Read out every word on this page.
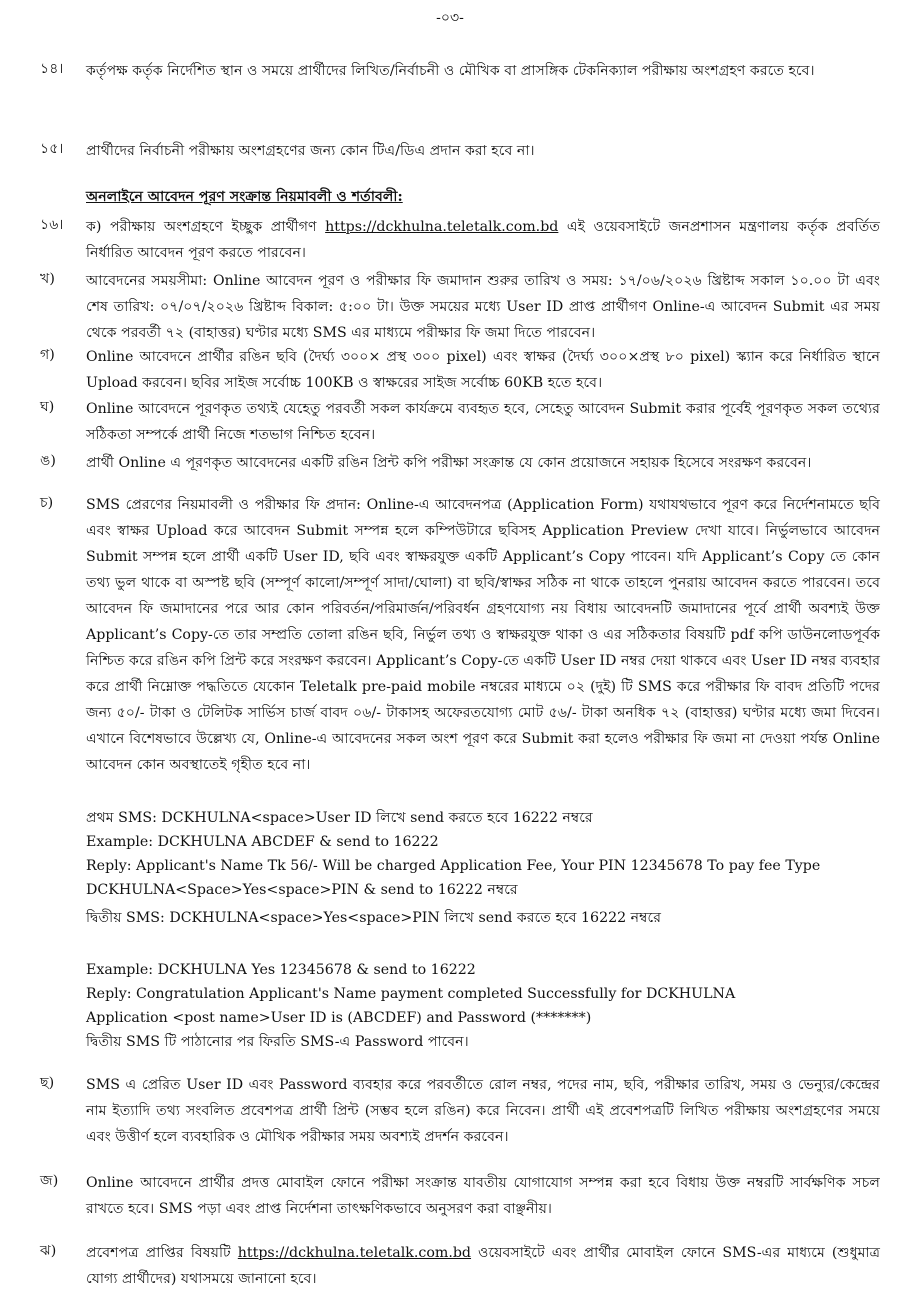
-০৩-
১৪।	কর্তৃপক্ষ কর্তৃক নির্দেশিত স্থান ও সময়ে প্রার্থীদের লিখিত/নির্বাচনী ও মৌখিক বা প্রাসঙ্গিক টেকনিক্যাল পরীক্ষায় অংশগ্রহণ করতে হবে।
১৫।	প্রার্থীদের নির্বাচনী পরীক্ষায় অংশগ্রহণের জন্য কোন টিএ/ডিএ প্রদান করা হবে না।
অনলাইনে আবেদন পূরণ সংক্রান্ত নিয়মাবলী ও শর্তাবলী:
১৬।	ক) পরীক্ষায় অংশগ্রহণে ইচ্ছুক প্রার্থীগণ https://dckhulna.teletalk.com.bd এই ওয়েবসাইটে জনপ্রশাসন মন্ত্রণালয় কর্তৃক প্রবর্তিত নির্ধারিত আবেদন পূরণ করতে পারবেন।
খ)	আবেদনের সময়সীমা: Online আবেদন পূরণ ও পরীক্ষার ফি জমাদান শুরুর তারিখ ও সময়: ১৭/০৬/২০২৬ খ্রিষ্টাব্দ সকাল ১০.০০ টা এবং শেষ তারিখ: ০৭/০৭/২০২৬ খ্রিষ্টাব্দ বিকাল: ৫:০০ টা। উক্ত সময়ের মধ্যে User ID প্রাপ্ত প্রার্থীগণ Online-এ আবেদন Submit এর সময় থেকে পরবর্তী ৭২ (বাহাত্তর) ঘণ্টার মধ্যে SMS এর মাধ্যমে পরীক্ষার ফি জমা দিতে পারবেন।
গ)	Online আবেদনে প্রার্থীর রঙিন ছবি (দৈর্ঘ্য ৩০০× প্রস্থ ৩০০ pixel) এবং স্বাক্ষর (দৈর্ঘ্য ৩০০×প্রস্থ ৮০ pixel) স্ক্যান করে নির্ধারিত স্থানে Upload করবেন। ছবির সাইজ সর্বোচ্চ 100KB ও স্বাক্ষরের সাইজ সর্বোচ্চ 60KB হতে হবে।
ঘ)	Online আবেদনে পূরণকৃত তথ্যই যেহেতু পরবর্তী সকল কার্যক্রমে ব্যবহৃত হবে, সেহেতু আবেদন Submit করার পূর্বেই পূরণকৃত সকল তথ্যের সঠিকতা সম্পর্কে প্রার্থী নিজে শতভাগ নিশ্চিত হবেন।
ঙ)	প্রার্থী Online এ পূরণকৃত আবেদনের একটি রঙিন প্রিন্ট কপি পরীক্ষা সংক্রান্ত যে কোন প্রয়োজনে সহায়ক হিসেবে সংরক্ষণ করবেন।
চ)	SMS প্রেরণের নিয়মাবলী ও পরীক্ষার ফি প্রদান: Online-এ আবেদনপত্র (Application Form) যথাযথভাবে পূরণ করে নির্দেশনামতে ছবি এবং স্বাক্ষর Upload করে আবেদন Submit সম্পন্ন হলে কম্পিউটারে ছবিসহ Application Preview দেখা যাবে। নির্ভুলভাবে আবেদন Submit সম্পন্ন হলে প্রার্থী একটি User ID, ছবি এবং স্বাক্ষরযুক্ত একটি Applicant’s Copy পাবেন। যদি Applicant’s Copy তে কোন তথ্য ভুল থাকে বা অস্পষ্ট ছবি (সম্পূর্ণ কালো/সম্পূর্ণ সাদা/ঘোলা) বা ছবি/স্বাক্ষর সঠিক না থাকে তাহলে পুনরায় আবেদন করতে পারবেন। তবে আবেদন ফি জমাদানের পরে আর কোন পরিবর্তন/পরিমার্জন/পরিবর্ধন গ্রহণযোগ্য নয় বিধায় আবেদনটি জমাদানের পূর্বে প্রার্থী অবশ্যই উক্ত Applicant’s Copy-তে তার সম্প্রতি তোলা রঙিন ছবি, নির্ভুল তথ্য ও স্বাক্ষরযুক্ত থাকা ও এর সঠিকতার বিষয়টি pdf কপি ডাউনলোডপূর্বক নিশ্চিত করে রঙিন কপি প্রিন্ট করে সংরক্ষণ করবেন। Applicant’s Copy-তে একটি User ID নম্বর দেয়া থাকবে এবং User ID নম্বর ব্যবহার করে প্রার্থী নিম্নোক্ত পদ্ধতিতে যেকোন Teletalk pre-paid mobile নম্বরের মাধ্যমে ০২ (দুই) টি SMS করে পরীক্ষার ফি বাবদ প্রতিটি পদের জন্য ৫০/- টাকা ও টেলিটক সার্ভিস চার্জ বাবদ ০৬/- টাকাসহ অফেরতযোগ্য মোট ৫৬/- টাকা অনধিক ৭২ (বাহাত্তর) ঘণ্টার মধ্যে জমা দিবেন। এখানে বিশেষভাবে উল্লেখ্য যে, Online-এ আবেদনের সকল অংশ পূরণ করে Submit করা হলেও পরীক্ষার ফি জমা না দেওয়া পর্যন্ত Online আবেদন কোন অবস্থাতেই গৃহীত হবে না।
প্রথম SMS: DCKHULNA<space>User ID লিখে send করতে হবে 16222 নম্বরে
Example: DCKHULNA ABCDEF & send to 16222
Reply: Applicant's Name Tk 56/- Will be charged Application Fee, Your PIN 12345678 To pay fee Type
DCKHULNA<Space>Yes<space>PIN & send to 16222 নম্বরে
দ্বিতীয় SMS: DCKHULNA<space>Yes<space>PIN লিখে send করতে হবে 16222 নম্বরে
Example: DCKHULNA Yes 12345678 & send to 16222
Reply: Congratulation Applicant's Name payment completed Successfully for DCKHULNA
Application <post name>User ID is (ABCDEF) and Password (*******)
দ্বিতীয় SMS টি পাঠানোর পর ফিরতি SMS-এ Password পাবেন।
ছ)	SMS এ প্রেরিত User ID এবং Password ব্যবহার করে পরবর্তীতে রোল নম্বর, পদের নাম, ছবি, পরীক্ষার তারিখ, সময় ও ভেন্যুর/কেন্দ্রের নাম ইত্যাদি তথ্য সংবলিত প্রবেশপত্র প্রার্থী প্রিন্ট (সম্ভব হলে রঙিন) করে নিবেন। প্রার্থী এই প্রবেশপত্রটি লিখিত পরীক্ষায় অংশগ্রহণের সময়ে এবং উত্তীর্ণ হলে ব্যবহারিক ও মৌখিক পরীক্ষার সময় অবশ্যই প্রদর্শন করবেন।
জ)	Online আবেদনে প্রার্থীর প্রদত্ত মোবাইল ফোনে পরীক্ষা সংক্রান্ত যাবতীয় যোগাযোগ সম্পন্ন করা হবে বিধায় উক্ত নম্বরটি সার্বক্ষণিক সচল রাখতে হবে। SMS পড়া এবং প্রাপ্ত নির্দেশনা তাৎক্ষণিকভাবে অনুসরণ করা বাঞ্ছনীয়।
ঝ)	প্রবেশপত্র প্রাপ্তির বিষয়টি https://dckhulna.teletalk.com.bd ওয়েবসাইটে এবং প্রার্থীর মোবাইল ফোনে SMS-এর মাধ্যমে (শুধুমাত্র যোগ্য প্রার্থীদের) যথাসময়ে জানানো হবে।
